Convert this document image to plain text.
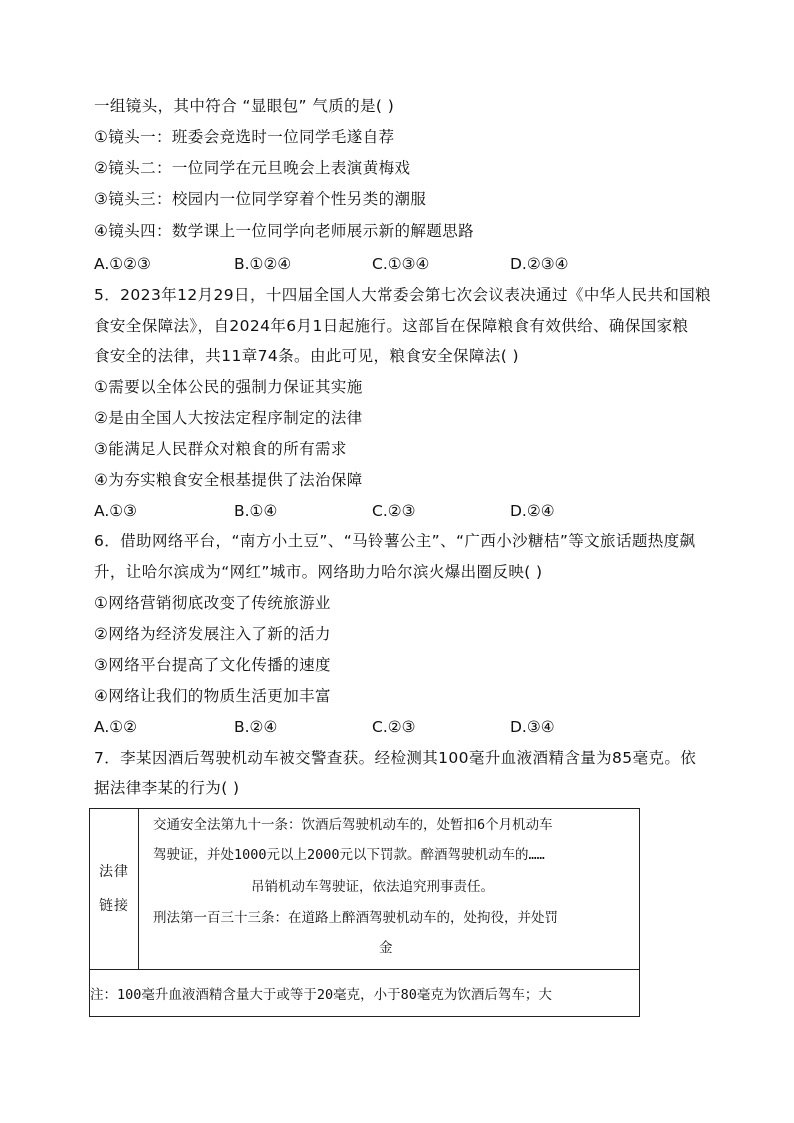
一组镜头，其中符合 “显眼包” 气质的是( )
①镜头一：班委会竞选时一位同学毛遂自荐
②镜头二：一位同学在元旦晚会上表演黄梅戏
③镜头三：校园内一位同学穿着个性另类的潮服
④镜头四：数学课上一位同学向老师展示新的解题思路
A.①②③	B.①②④	C.①③④	D.②③④
5．2023年12月29日，十四届全国人大常委会第七次会议表决通过《中华人民共和国粮
食安全保障法》，自2024年6月1日起施行。这部旨在保障粮食有效供给、确保国家粮
食安全的法律，共11章74条。由此可见，粮食安全保障法( )
①需要以全体公民的强制力保证其实施
②是由全国人大按法定程序制定的法律
③能满足人民群众对粮食的所有需求
④为夯实粮食安全根基提供了法治保障
A.①③	B.①④	C.②③	D.②④
6．借助网络平台，“南方小土豆”、“马铃薯公主”、“广西小沙糖桔”等文旅话题热度飙
升，让哈尔滨成为“网红”城市。网络助力哈尔滨火爆出圈反映( )
①网络营销彻底改变了传统旅游业
②网络为经济发展注入了新的活力
③网络平台提高了文化传播的速度
④网络让我们的物质生活更加丰富
A.①②	B.②④	C.②③	D.③④
7．李某因酒后驾驶机动车被交警查获。经检测其100毫升血液酒精含量为85毫克。依
据法律李某的行为( )
法律
链接

交通安全法第九十一条：饮酒后驾驶机动车的，处暂扣6个月机动车
驾驶证，并处1000元以上2000元以下罚款。醉酒驾驶机动车的……
吊销机动车驾驶证，依法追究刑事责任。
刑法第一百三十三条：在道路上醉酒驾驶机动车的，处拘役，并处罚
金

注：100毫升血液酒精含量大于或等于20毫克，小于80毫克为饮酒后驾车；大
